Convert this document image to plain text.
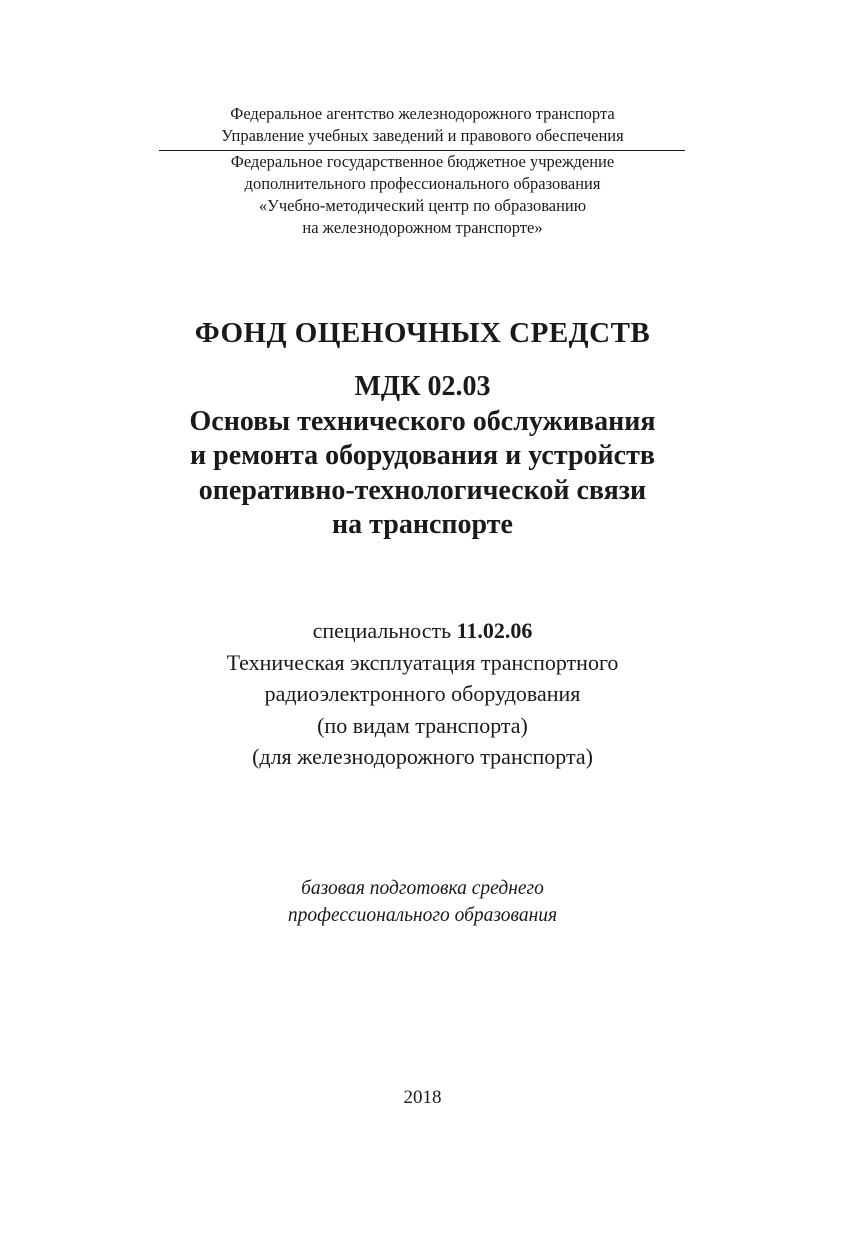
Федеральное агентство железнодорожного транспорта
Управление учебных заведений и правового обеспечения
Федеральное государственное бюджетное учреждение
дополнительного профессионального образования
«Учебно-методический центр по образованию
на железнодорожном транспорте»
ФОНД ОЦЕНОЧНЫХ СРЕДСТВ
МДК 02.03
Основы технического обслуживания
и ремонта оборудования и устройств
оперативно-технологической связи
на транспорте
специальность 11.02.06
Техническая эксплуатация транспортного
радиоэлектронного оборудования
(по видам транспорта)
(для железнодорожного транспорта)
базовая подготовка среднего
профессионального образования
2018
